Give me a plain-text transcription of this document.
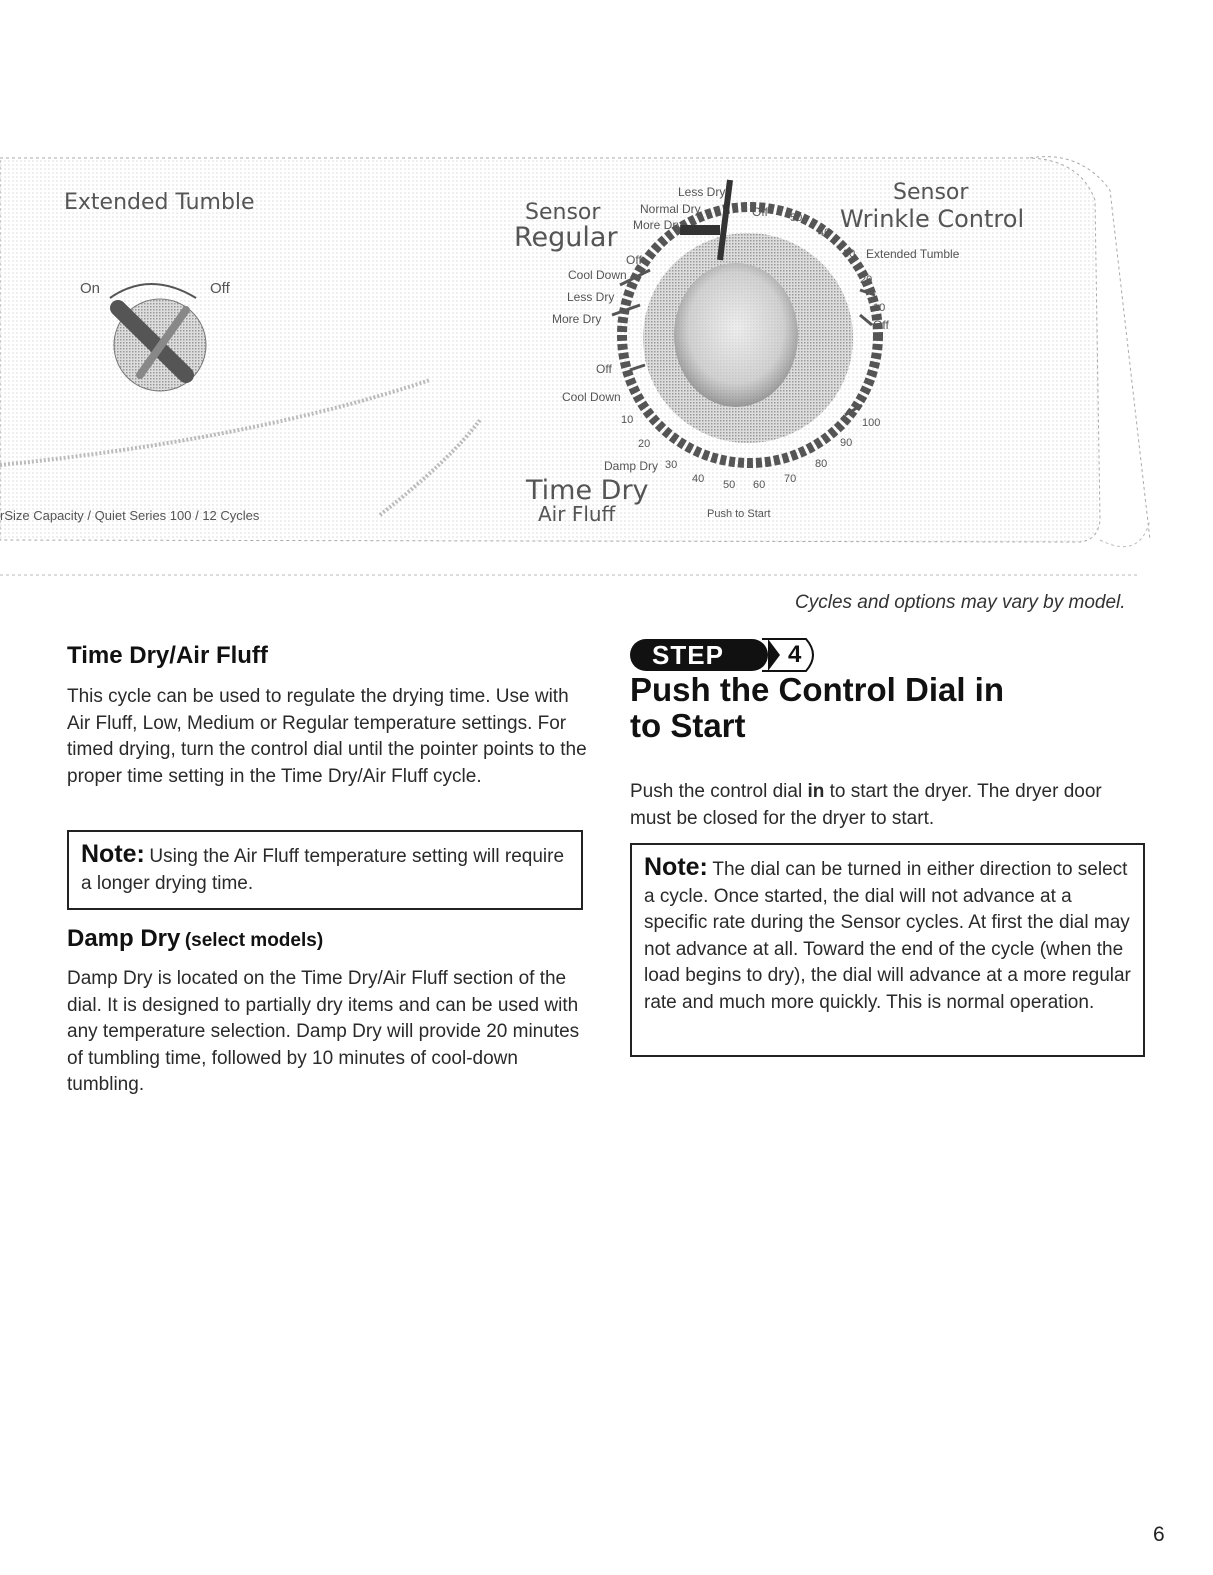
Extended Tumble
On	Off
rSize Capacity / Quiet Series 100 / 12 Cycles
Sensor
Regular
Less Dry
Normal Dry
More Dry
Off
Cool Down
Less Dry
More Dry
Sensor
Wrinkle Control
Off 50
40
30 Extended Tumble
20
10
Off
Off
Cool Down
10
20
Damp Dry 30
40 50 60 70
80
90
100
Time Dry
Air Fluff	Push to Start
Cycles and options may vary by model.
Time Dry/Air Fluff

This cycle can be used to regulate the drying time. Use with Air Fluff, Low, Medium or Regular temperature settings. For timed drying, turn the control dial until the pointer points to the proper time setting in the Time Dry/Air Fluff cycle.

Note: Using the Air Fluff temperature setting will require a longer drying time.
Damp Dry (select models)

Damp Dry is located on the Time Dry/Air Fluff section of the dial. It is designed to partially dry items and can be used with any temperature selection. Damp Dry will provide 20 minutes of tumbling time, followed by 10 minutes of cool-down tumbling.

STEP	4
Push the Control Dial in
to Start

Push the control dial in to start the dryer. The dryer door must be closed for the dryer to start.

Note: The dial can be turned in either direction to select a cycle. Once started, the dial will not advance at a specific rate during the Sensor cycles. At first the dial may not advance at all. Toward the end of the cycle (when the load begins to dry), the dial will advance at a more regular rate and much more quickly. This is normal operation.
6
